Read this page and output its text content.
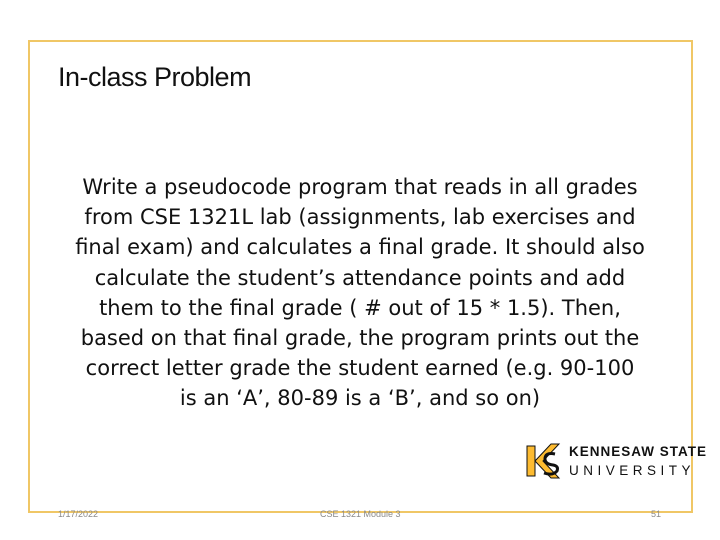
In-class Problem
Write a pseudocode program that reads in all grades
from CSE 1321L lab (assignments, lab exercises and
final exam) and calculates a final grade. It should also
calculate the student’s attendance points and add
them to the final grade ( # out of 15 * 1.5). Then,
based on that final grade, the program prints out the
correct letter grade the student earned (e.g. 90-100
is an ‘A’, 80-89 is a ‘B’, and so on)
KENNESAW STATE
UNIVERSITY
1/17/2022	CSE 1321 Module 3	51
